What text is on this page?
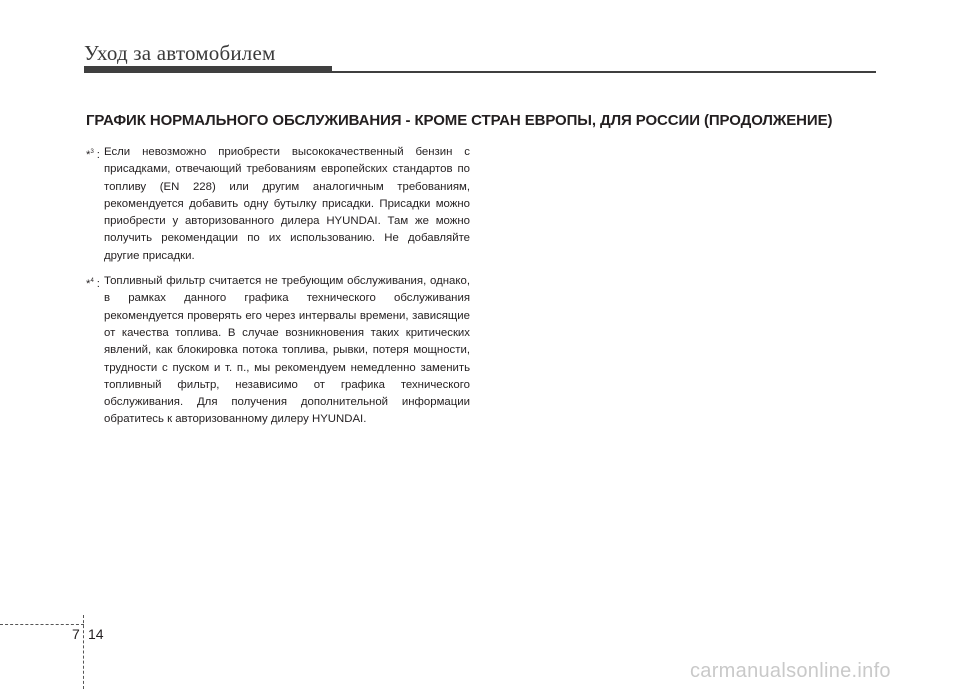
Уход за автомобилем
ГРАФИК НОРМАЛЬНОГО ОБСЛУЖИВАНИЯ - КРОМЕ СТРАН ЕВРОПЫ, ДЛЯ РОССИИ (ПРОДОЛЖЕНИЕ)
*$^3$ : Если невозможно приобрести высококачественный бензин с присадками, отвечающий требованиям европейских стандартов по топливу (EN 228) или другим аналогичным требованиям, рекомендуется добавить одну бутылку присадки. Присадки можно приобрести у авторизованного дилера HYUNDAI. Там же можно получить рекомендации по их использованию. Не добавляйте другие присадки.
*$^4$ : Топливный фильтр считается не требующим обслуживания, однако, в рамках данного графика технического обслуживания рекомендуется проверять его через интервалы времени, зависящие от качества топлива. В случае возникновения таких критических явлений, как блокировка потока топлива, рывки, потеря мощности, трудности с пуском и т. п., мы рекомендуем немедленно заменить топливный фильтр, независимо от графика технического обслуживания. Для получения дополнительной информации обратитесь к авторизованному дилеру HYUNDAI.
7 14
carmanualsonline.info
